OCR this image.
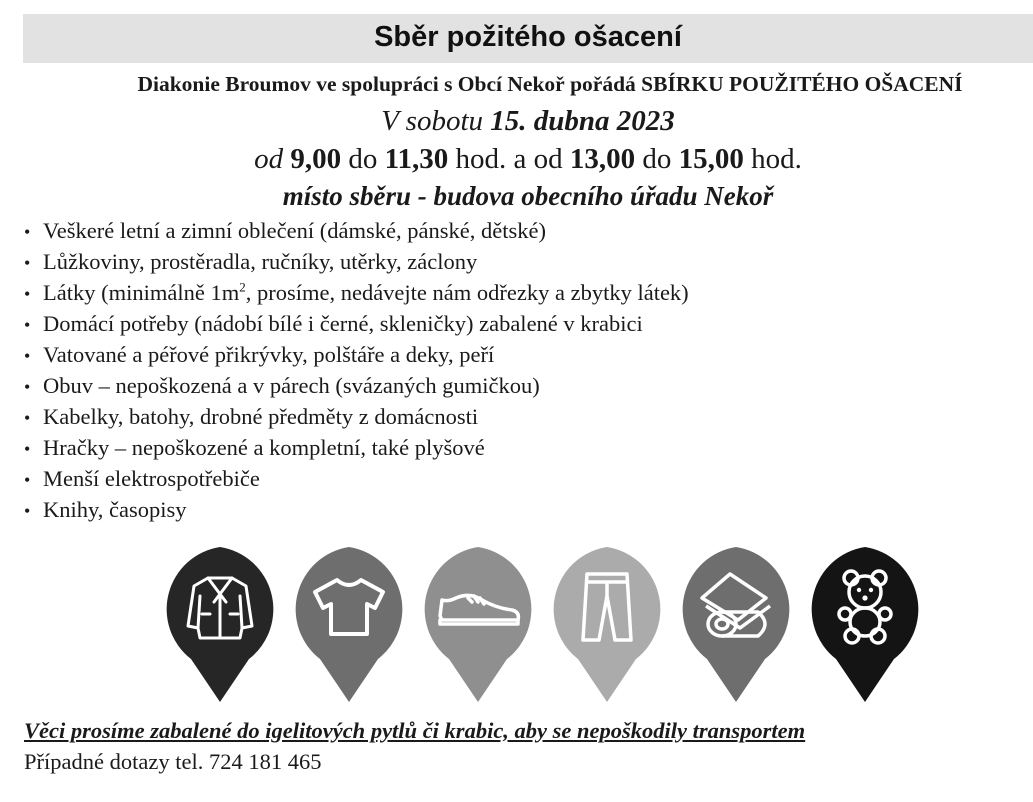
Sběr požitého ošacení
Diakonie Broumov ve spolupráci s Obcí Nekoř pořádá SBÍRKU POUŽITÉHO OŠACENÍ
V sobotu 15. dubna 2023
od 9,00 do 11,30 hod. a od 13,00 do 15,00 hod.
místo sběru - budova obecního úřadu Nekoř
• Veškeré letní a zimní oblečení (dámské, pánské, dětské)
• Lůžkoviny, prostěradla, ručníky, utěrky, záclony
• Látky (minimálně $1m^2$, prosíme, nedávejte nám odřezky a zbytky látek)
• Domácí potřeby (nádobí bílé i černé, skleničky) zabalené v krabici
• Vatované a péřové přikrývky, polštáře a deky, peří
• Obuv – nepoškozená a v párech (svázaných gumičkou)
• Kabelky, batohy, drobné předměty z domácnosti
• Hračky – nepoškozené a kompletní, také plyšové
• Menší elektrospotřebiče
• Knihy, časopisy
Věci prosíme zabalené do igelitových pytlů či krabic, aby se nepoškodily transportem
Případné dotazy tel. 724 181 465
